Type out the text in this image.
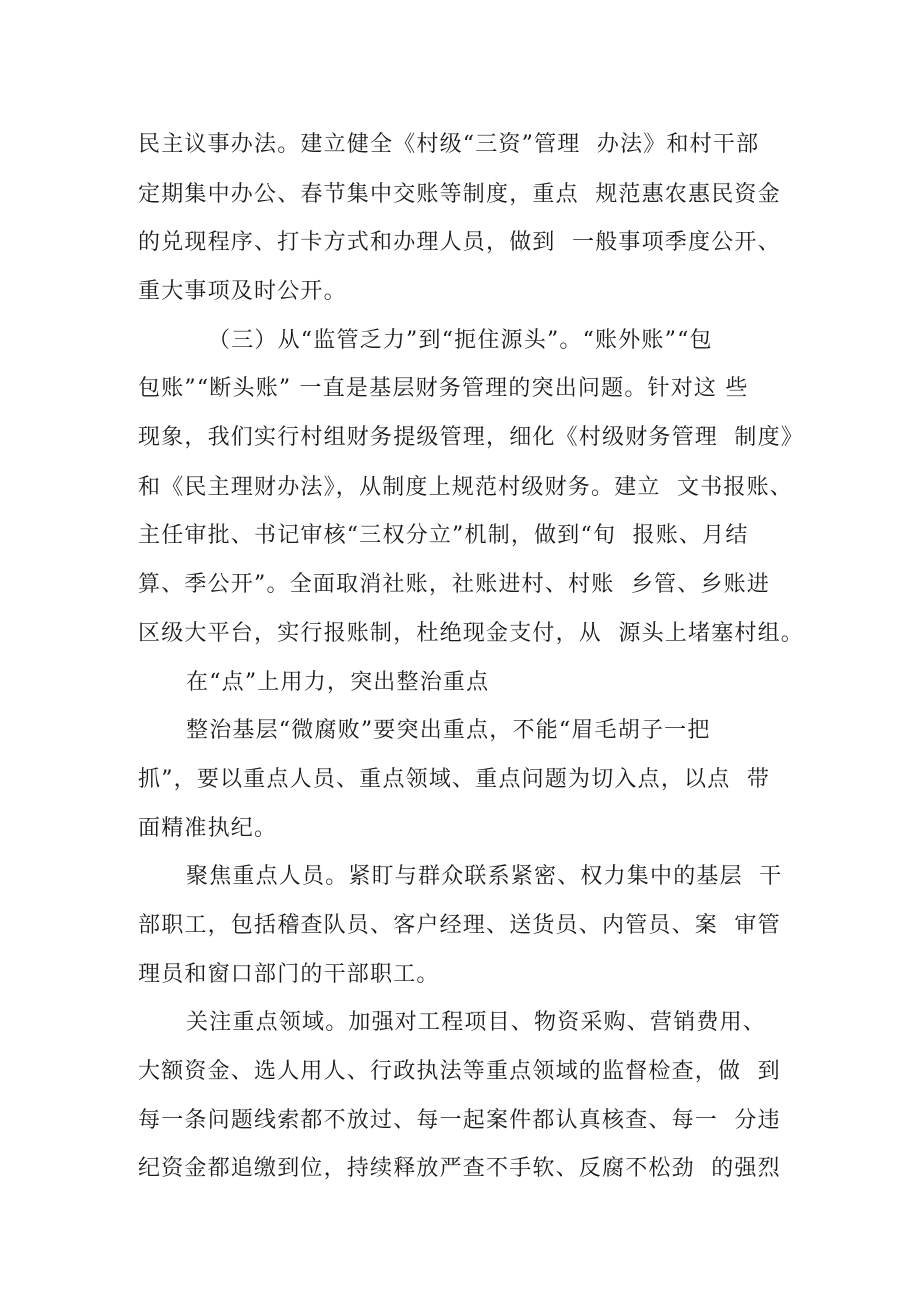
民主议事办法。建立健全《村级“三资”管理  办法》和村干部
定期集中办公、春节集中交账等制度，重点  规范惠农惠民资金
的兑现程序、打卡方式和办理人员，做到  一般事项季度公开、
重大事项及时公开。
（三）从“监管乏力”到“扼住源头”。“账外账”“包
包账”“断头账” 一直是基层财务管理的突出问题。针对这 些
现象，我们实行村组财务提级管理，细化《村级财务管理  制度》
和《民主理财办法》，从制度上规范村级财务。建立  文书报账、
主任审批、书记审核“三权分立”机制，做到“旬  报账、月结
算、季公开”。全面取消社账，社账进村、村账  乡管、乡账进
区级大平台，实行报账制，杜绝现金支付，从  源头上堵塞村组。
在“点”上用力，突出整治重点
整治基层“微腐败”要突出重点，不能“眉毛胡子一把
抓”，要以重点人员、重点领域、重点问题为切入点，以点  带
面精准执纪。
聚焦重点人员。紧盯与群众联系紧密、权力集中的基层  干
部职工，包括稽查队员、客户经理、送货员、内管员、案  审管
理员和窗口部门的干部职工。
关注重点领域。加强对工程项目、物资采购、营销费用、
大额资金、选人用人、行政执法等重点领域的监督检查，做  到
每一条问题线索都不放过、每一起案件都认真核查、每一  分违
纪资金都追缴到位，持续释放严查不手软、反腐不松劲  的强烈
